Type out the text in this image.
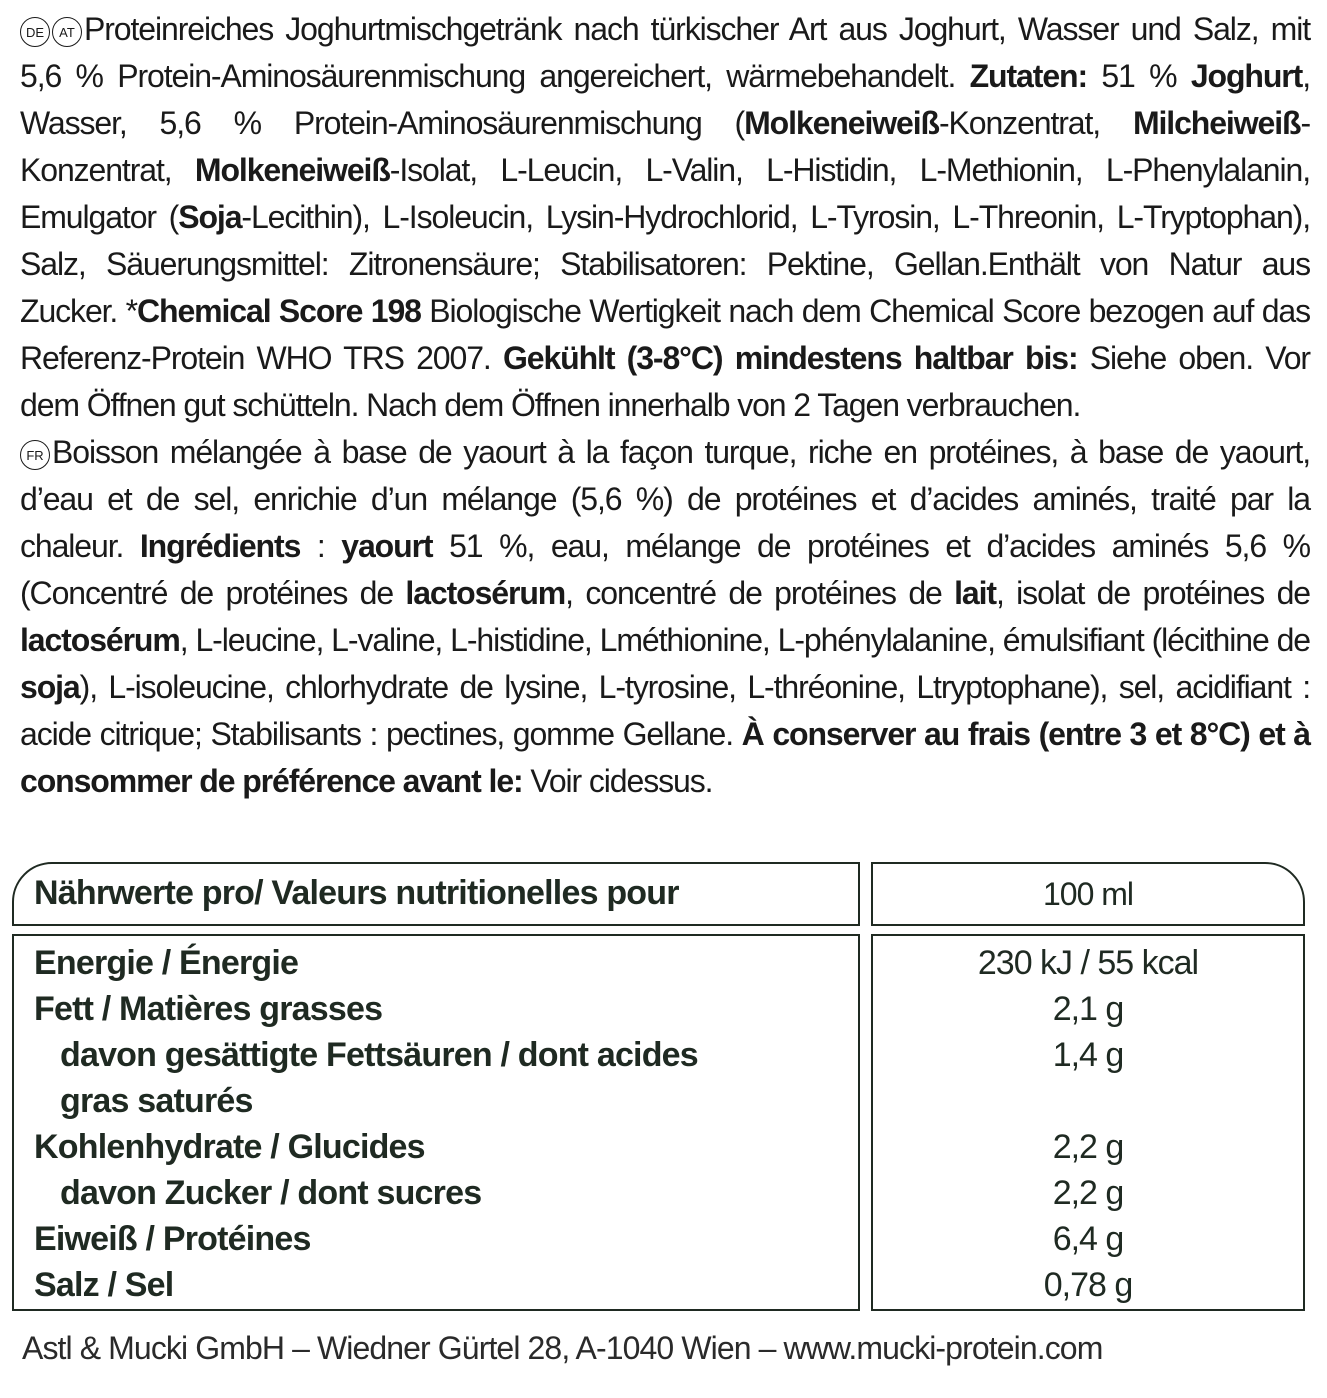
DE AT Proteinreiches Joghurtmischgetränk nach türkischer Art aus Joghurt, Wasser und Salz, mit 5,6 % Protein-Aminosäurenmischung angereichert, wärmebehandelt. Zutaten: 51 % Joghurt, Wasser, 5,6 % Protein-Aminosäurenmischung (Molkeneiweiß-Konzentrat, Milcheiweiß-Konzentrat, Molkeneiweiß-Isolat, L-Leucin, L-Valin, L-Histidin, L-Methionin, L-Phenylalanin, Emulgator (Soja-Lecithin), L-Isoleucin, Lysin-Hydrochlorid, L-Tyrosin, L-Threonin, L-Tryptophan), Salz, Säuerungsmittel: Zitronensäure; Stabilisatoren: Pektine, Gellan.Enthält von Natur aus Zucker. *Chemical Score 198 Biologische Wertigkeit nach dem Chemical Score bezogen auf das Referenz-Protein WHO TRS 2007. Gekühlt (3-8°C) mindestens haltbar bis: Siehe oben. Vor dem Öffnen gut schütteln. Nach dem Öffnen innerhalb von 2 Tagen verbrauchen.

FR Boisson mélangée à base de yaourt à la façon turque, riche en protéines, à base de yaourt, d’eau et de sel, enrichie d’un mélange (5,6 %) de protéines et d’acides aminés, traité par la chaleur. Ingrédients : yaourt 51 %, eau, mélange de protéines et d’acides aminés 5,6 % (Concentré de protéines de lactosérum, concentré de protéines de lait, isolat de protéines de lactosérum, L-leucine, L-valine, L-histidine, Lméthionine, L-phénylalanine, émulsifiant (lécithine de soja), L-isoleucine, chlorhydrate de lysine, L-tyrosine, L-thréonine, Ltryptophane), sel, acidifiant : acide citrique; Stabilisants : pectines, gomme Gellane. À conserver au frais (entre 3 et 8°C) et à consommer de préférence avant le: Voir cidessus.

Nährwerte pro/ Valeurs nutritionelles pour	100 ml
Energie / Énergie
Fett / Matières grasses
davon gesättigte Fettsäuren / dont acides
gras saturés
Kohlenhydrate / Glucides
davon Zucker / dont sucres
Eiweiß / Protéines
Salz / Sel
230 kJ / 55 kcal
2,1 g
1,4 g
2,2 g
2,2 g
6,4 g
0,78 g
Astl & Mucki GmbH – Wiedner Gürtel 28, A-1040 Wien – www.mucki-protein.com
